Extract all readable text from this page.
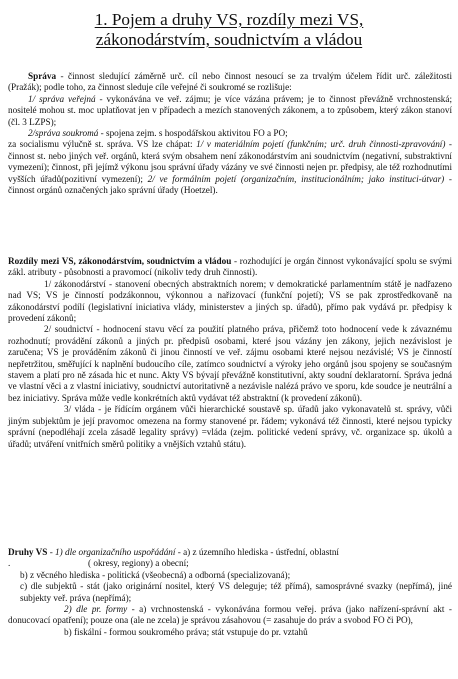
1. Pojem a druhy VS, rozdíly mezi VS,
zákonodárstvím, soudnictvím a vládou

Správa - činnost sledující záměrně urč. cíl nebo činnost nesoucí se za trvalým účelem řídit urč. záležitosti (Pražák); podle toho, za činnost sleduje cíle veřejné či soukromé se rozlišuje:

1/ správa veřejná - vykonávána ve veř. zájmu; je více vázána právem; je to činnost převážně vrchnostenská; nositelé mohou st. moc uplatňovat jen v případech a mezích stanovených zákonem, a to způsobem, který zákon stanoví (čl. 3 LZPS);

2/správa soukromá - spojena zejm. s hospodářskou aktivitou FO a PO;

za socialismu výlučně st. správa. VS lze chápat: 1/ v materiálním pojetí (funkčním; urč. druh činnosti-zpravování) - činnost st. nebo jiných veř. orgánů, která svým obsahem není zákonodárstvím ani soudnictvím (negativní, substraktivní vymezení); činnost, při jejímž výkonu jsou správní úřady vázány ve své činnosti nejen pr. předpisy, ale též rozhodnutími vyšších úřadů(pozitivní vymezení); 2/ ve formálním pojetí (organizačním, institucionálním; jako instituci-útvar) - činnost orgánů označených jako správní úřady (Hoetzel).

Rozdíly mezi VS, zákonodárstvím, soudnictvím a vládou - rozhodující je orgán činnost vykonávající spolu se svými zákl. atributy - působnosti a pravomocí (nikoliv tedy druh činnosti).

1/ zákonodárství - stanovení obecných abstraktních norem; v demokratické parlamentním státě je nadřazeno nad VS; VS je činností podzákonnou, výkonnou a nařizovací (funkční pojetí); VS se pak zprostředkovaně na zákonodárství podílí (legislativní iniciativa vlády, ministerstev a jiných sp. úřadů), přímo pak vydává pr. předpisy k provedení zákonů;

2/ soudnictví - hodnocení stavu věcí za použití platného práva, přičemž toto hodnocení vede k závaznému rozhodnutí; provádění zákonů a jiných pr. předpisů osobami, které jsou vázány jen zákony, jejich nezávislost je zaručena; VS je prováděním zákonů či jinou činností ve veř. zájmu osobami které nejsou nezávislé; VS je činností nepřetržitou, směřující k naplnění budoucího cíle, zatímco soudnictví a výroky jeho orgánů jsou spojeny se současným stavem a platí pro ně zásada hic et nunc. Akty VS bývají převážně konstitutivní, akty soudní deklaratorní. Správa jedná ve vlastní věci a z vlastní iniciativy, soudnictví autoritativně a nezávisle nalézá právo ve sporu, kde soudce je neutrální a bez iniciativy. Správa může vedle konkrétních aktů vydávat též abstraktní (k provedení zákonů).

3/ vláda - je řídícím orgánem vůči hierarchické soustavě sp. úřadů jako vykonavatelů st. správy, vůči jiným subjektům je její pravomoc omezena na formy stanovené pr. řádem; vykonává též činnosti, které nejsou typicky správní (nepodléhají zcela zásadě legality správy) =vláda (zejm. politické vedení správy, vč. organizace sp. úkolů a úřadů; utváření vnitřních směrů politiky a vnějších vztahů státu).

Druhy VS - 1) dle organizačního uspořádání - a) z územního hlediska - ústřední, oblastní

.	( okresy, regiony) a obecní;

b) z věcného hlediska - politická (všeobecná) a odborná (specializovaná);

c) dle subjektů - stát (jako originární nositel, který VS deleguje; též přímá), samosprávné svazky (nepřímá), jiné subjekty veř. práva (nepřímá);

2) dle pr. formy - a) vrchnostenská - vykonávána formou veřej. práva (jako nařízení-správní akt - donucovací opatření); pouze ona (ale ne zcela) je správou zásahovou (= zasahuje do práv a svobod FO či PO),

b) fiskální - formou soukromého práva; stát vstupuje do pr. vztahů
